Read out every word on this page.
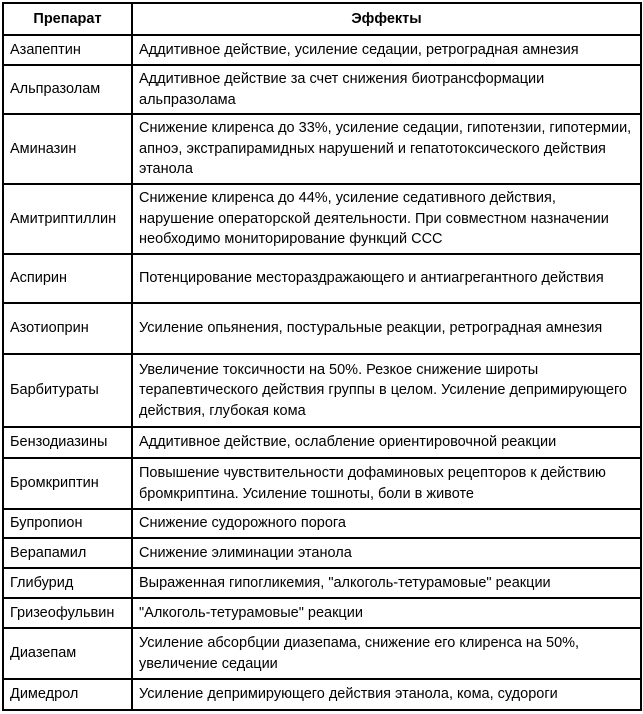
Препарат	Эффекты
Азапептин	Аддитивное действие, усиление седации, ретроградная амнезия
Альпразолам	Аддитивное действие за счет снижения биотрансформации альпразолама
Аминазин	Снижение клиренса до 33%, усиление седации, гипотензии, гипотермии, апноэ, экстрапирамидных нарушений и гепатотоксического действия этанола
Амитриптиллин	Снижение клиренса до 44%, усиление седативного действия, нарушение операторской деятельности. При совместном назначении необходимо мониторирование функций ССС
Аспирин	Потенцирование местораздражающего и антиагрегантного действия
Азотиоприн	Усиление опьянения, постуральные реакции, ретроградная амнезия
Барбитураты	Увеличение токсичности на 50%. Резкое снижение широты терапевтического действия группы в целом. Усиление депримирующего действия, глубокая кома
Бензодиазины	Аддитивное действие, ослабление ориентировочной реакции
Бромкриптин	Повышение чувствительности дофаминовых рецепторов к действию бромкриптина. Усиление тошноты, боли в животе
Бупропион	Снижение судорожного порога
Верапамил	Снижение элиминации этанола
Глибурид	Выраженная гипогликемия, "алкоголь-тетурамовые" реакции
Гризеофульвин	"Алкоголь-тетурамовые" реакции
Диазепам	Усиление абсорбции диазепама, снижение его клиренса на 50%, увеличение седации
Димедрол	Усиление депримирующего действия этанола, кома, судороги
